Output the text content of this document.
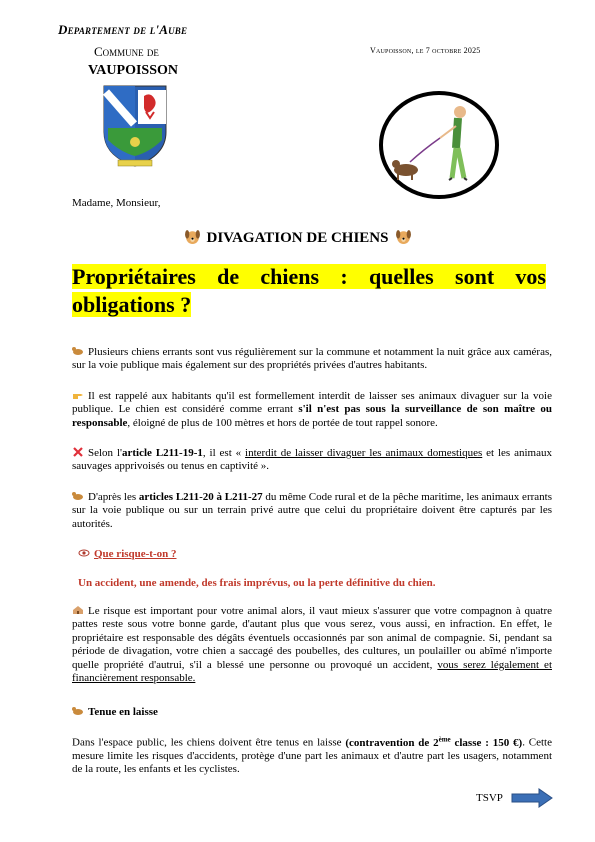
Departement de l'Aube
Commune de
VAUPOISSON
Vaupoisson, le 7 octobre 2025
Madame, Monsieur,
DIVAGATION DE CHIENS
Propriétaires de chiens : quelles sont vos obligations ?
Plusieurs chiens errants sont vus régulièrement sur la commune et notamment la nuit grâce aux caméras, sur la voie publique mais également sur des propriétés privées d'autres habitants.
Il est rappelé aux habitants qu'il est formellement interdit de laisser ses animaux divaguer sur la voie publique. Le chien est considéré comme errant s'il n'est pas sous la surveillance de son maître ou responsable, éloigné de plus de 100 mètres et hors de portée de tout rappel sonore.
Selon l'article L211-19-1, il est « interdit de laisser divaguer les animaux domestiques et les animaux sauvages apprivoisés ou tenus en captivité ».
D'après les articles L211-20 à L211-27 du même Code rural et de la pêche maritime, les animaux errants sur la voie publique ou sur un terrain privé autre que celui du propriétaire doivent être capturés par les autorités.
Que risque-t-on ?
Un accident, une amende, des frais imprévus, ou la perte définitive du chien.
Le risque est important pour votre animal alors, il vaut mieux s'assurer que votre compagnon à quatre pattes reste sous votre bonne garde, d'autant plus que vous serez, vous aussi, en infraction. En effet, le propriétaire est responsable des dégâts éventuels occasionnés par son animal de compagnie. Si, pendant sa période de divagation, votre chien a saccagé des poubelles, des cultures, un poulailler ou abîmé n'importe quelle propriété d'autrui, s'il a blessé une personne ou provoqué un accident, vous serez légalement et financièrement responsable.
Tenue en laisse
Dans l'espace public, les chiens doivent être tenus en laisse (contravention de 2ème classe : 150 €). Cette mesure limite les risques d'accidents, protège d'une part les animaux et d'autre part les usagers, notamment de la route, les enfants et les cyclistes.
TSVP
